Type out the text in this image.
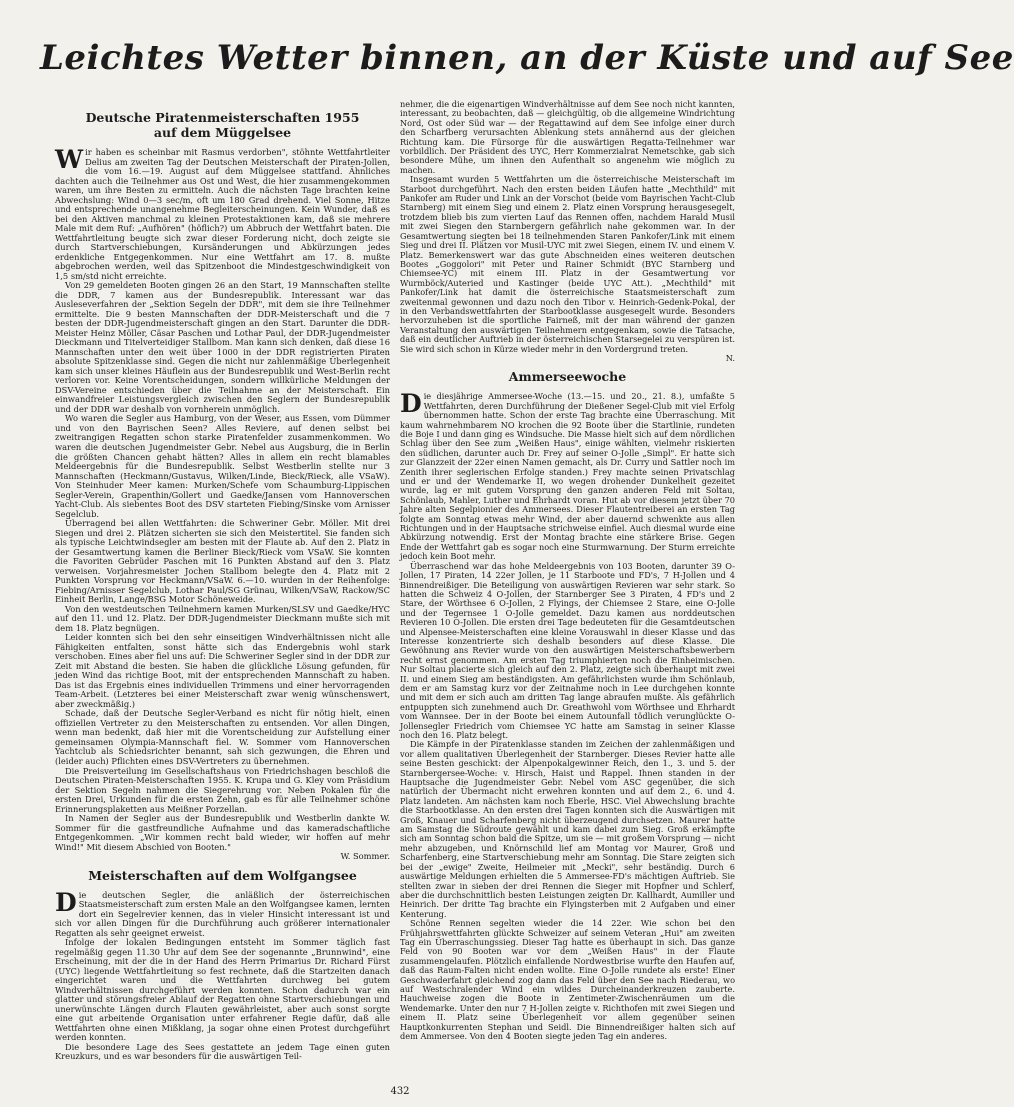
Leichtes Wetter binnen, an der Küste und auf See
Deutsche Piratenmeisterschaften 1955
auf dem Müggelsee

Wir haben es scheinbar mit Rasmus verdorben", stöhnte Wettfahrtleiter Delius am zweiten Tag der Deutschen Meisterschaft der Piraten-Jollen, die vom 16.—19. August auf dem Müggelsee stattfand. Ähnliches dachten auch die Teilnehmer aus Ost und West, die hier zusammengekommen waren, um ihre Besten zu ermitteln. Auch die nächsten Tage brachten keine Abwechslung: Wind 0—3 sec/m, oft um 180 Grad drehend. Viel Sonne, Hitze und entsprechende unangenehme Begleiterscheinungen. Kein Wunder, daß es bei den Aktiven manchmal zu kleinen Protestaktionen kam, daß sie mehrere Male mit dem Ruf: „Aufhören" (höflich?) um Abbruch der Wettfahrt baten. Die Wettfahrtleitung beugte sich zwar dieser Forderung nicht, doch zeigte sie durch Startverschiebungen, Kursänderungen und Abkürzungen jedes erdenkliche Entgegenkommen. Nur eine Wettfahrt am 17. 8. mußte abgebrochen werden, weil das Spitzenboot die Mindestgeschwindigkeit von 1,5 sm/std nicht erreichte.

Von 29 gemeldeten Booten gingen 26 an den Start, 19 Mannschaften stellte die DDR, 7 kamen aus der Bundesrepublik. Interessant war das Ausleseverfahren der „Sektion Segeln der DDR", mit dem sie ihre Teilnehmer ermittelte. Die 9 besten Mannschaften der DDR-Meisterschaft und die 7 besten der DDR-Jugendmeisterschaft gingen an den Start. Darunter die DDR-Meister Heinz Möller, Cäsar Paschen und Lothar Paul, der DDR-Jugendmeister Dieckmann und Titelverteidiger Stallbom. Man kann sich denken, daß diese 16 Mannschaften unter den weit über 1000 in der DDR registrierten Piraten absolute Spitzenklasse sind. Gegen die nicht nur zahlenmäßige Überlegenheit kam sich unser kleines Häuflein aus der Bundesrepublik und West-Berlin recht verloren vor. Keine Vorentscheidungen, sondern willkürliche Meldungen der DSV-Vereine entschieden über die Teilnahme an der Meisterschaft. Ein einwandfreier Leistungsvergleich zwischen den Seglern der Bundesrepublik und der DDR war deshalb von vornherein unmöglich.

Wo waren die Segler aus Hamburg, von der Weser, aus Essen, vom Dümmer und von den Bayrischen Seen? Alles Reviere, auf denen selbst bei zweitrangigen Regatten schon starke Piratenfelder zusammenkommen. Wo waren die deutschen Jugendmeister Gebr. Nebel aus Augsburg, die in Berlin die größten Chancen gehabt hätten? Alles in allem ein recht blamables Meldeergebnis für die Bundesrepublik. Selbst Westberlin stellte nur 3 Mannschaften (Heckmann/Gustavus, Wilken/Linde, Bieck/Rieck, alle VSaW). Von Steinhuder Meer kamen: Murken/Schefe vom Schaumburg-Lippischen Segler-Verein, Grapenthin/Gollert und Gaedke/Jansen vom Hannoverschen Yacht-Club. Als siebentes Boot des DSV starteten Fiebing/Sinske vom Arnisser Segelclub.

Überragend bei allen Wettfahrten: die Schweriner Gebr. Möller. Mit drei Siegen und drei 2. Plätzen sicherten sie sich den Meistertitel. Sie fanden sich als typische Leichtwindsegler am besten mit der Flaute ab. Auf den 2. Platz in der Gesamtwertung kamen die Berliner Bieck/Rieck vom VSaW. Sie konnten die Favoriten Gebrüder Paschen mit 16 Punkten Abstand auf den 3. Platz verweisen. Vorjahresmeister Jochen Stallbom belegte den 4. Platz mit 2 Punkten Vorsprung vor Heckmann/VSaW. 6.—10. wurden in der Reihenfolge: Fiebing/Arnisser Segelclub, Lothar Paul/SG Grünau, Wilken/VSaW, Rackow/SC Einheit Berlin, Lange/BSG Motor Schöneweide.

Von den westdeutschen Teilnehmern kamen Murken/SLSV und Gaedke/HYC auf den 11. und 12. Platz. Der DDR-Jugendmeister Dieckmann mußte sich mit dem 18. Platz begnügen.

Leider konnten sich bei den sehr einseitigen Windverhältnissen nicht alle Fähigkeiten entfalten, sonst hätte sich das Endergebnis wohl stark verschoben. Eines aber fiel uns auf: Die Schweriner Segler sind in der DDR zur Zeit mit Abstand die besten. Sie haben die glückliche Lösung gefunden, für jeden Wind das richtige Boot, mit der entsprechenden Mannschaft zu haben. Das ist das Ergebnis eines individuellen Trimmens und einer hervorragenden Team-Arbeit. (Letzteres bei einer Meisterschaft zwar wenig wünschenswert, aber zweckmäßig.)

Schade, daß der Deutsche Segler-Verband es nicht für nötig hielt, einen offiziellen Vertreter zu den Meisterschaften zu entsenden. Vor allen Dingen, wenn man bedenkt, daß hier mit die Vorentscheidung zur Aufstellung einer gemeinsamen Olympia-Mannschaft fiel. W. Sommer vom Hannoverschen Yachtclub als Schiedsrichter benannt, sah sich gezwungen, die Ehren und (leider auch) Pflichten eines DSV-Vertreters zu übernehmen.

Die Preisverteilung im Gesellschaftshaus von Friedrichshagen beschloß die Deutschen Piraten-Meisterschaften 1955. K. Krupa und G. Kley vom Präsidium der Sektion Segeln nahmen die Siegerehrung vor. Neben Pokalen für die ersten Drei, Urkunden für die ersten Zehn, gab es für alle Teilnehmer schöne Erinnerungsplaketten aus Meißner Porzellan.

In Namen der Segler aus der Bundesrepublik und Westberlin dankte W. Sommer für die gastfreundliche Aufnahme und das kameradschaftliche Entgegenkommen. „Wir kommen recht bald wieder, wir hoffen auf mehr Wind!" Mit diesem Abschied von Booten."

W. Sommer.

Meisterschaften auf dem Wolfgangsee

Die deutschen Segler, die anläßlich der österreichischen Staatsmeisterschaft zum ersten Male an den Wolfgangsee kamen, lernten dort ein Segelrevier kennen, das in vieler Hinsicht interessant ist und sich vor allen Dingen für die Durchführung auch größerer internationaler Regatten als sehr geeignet erweist.

Infolge der lokalen Bedingungen entsteht im Sommer täglich fast regelmäßig gegen 11.30 Uhr auf dem See der sogenannte „Brunnwind", eine Erscheinung, mit der die in der Hand des Herrn Primarius Dr. Richard Fürst (UYC) liegende Wettfahrtleitung so fest rechnete, daß die Startzeiten danach eingerichtet waren und die Wettfahrten durchweg bei gutem Windverhältnissen durchgeführt werden konnten. Schon dadurch war ein glatter und störungsfreier Ablauf der Regatten ohne Startverschiebungen und unerwünschte Längen durch Flauten gewährleistet, aber auch sonst sorgte eine gut arbeitende Organisation unter erfahrener Regie dafür, daß alle Wettfahrten ohne einen Mißklang, ja sogar ohne einen Protest durchgeführt werden konnten.

Die besondere Lage des Sees gestattete an jedem Tage einen guten Kreuzkurs, und es war besonders für die auswärtigen Teil-

nehmer, die die eigenartigen Windverhältnisse auf dem See noch nicht kannten, interessant, zu beobachten, daß — gleichgültig, ob die allgemeine Windrichtung Nord, Ost oder Süd war — der Regattawind auf dem See infolge einer durch den Scharfberg verursachten Ablenkung stets annähernd aus der gleichen Richtung kam. Die Fürsorge für die auswärtigen Regatta-Teilnehmer war vorbildlich. Der Präsident des UYC, Herr Kommerzialrat Nemetschke, gab sich besondere Mühe, um ihnen den Aufenthalt so angenehm wie möglich zu machen.

Insgesamt wurden 5 Wettfahrten um die österreichische Meisterschaft im Starboot durchgeführt. Nach den ersten beiden Läufen hatte „Mechthild" mit Pankofer am Ruder und Link an der Vorschot (beide vom Bayrischen Yacht-Club Starnberg) mit einem Sieg und einem 2. Platz einen Vorsprung herausgesegelt, trotzdem blieb bis zum vierten Lauf das Rennen offen, nachdem Harald Musil mit zwei Siegen den Starnbergern gefährlich nahe gekommen war. In der Gesamtwertung siegten bei 18 teilnehmenden Staren Pankofer/Link mit einem Sieg und drei II. Plätzen vor Musil-UYC mit zwei Siegen, einem IV. und einem V. Platz. Bemerkenswert war das gute Abschneiden eines weiteren deutschen Bootes „Goggolori" mit Peter und Rainer Schmidt (BYC Starnberg und Chiemsee-YC) mit einem III. Platz in der Gesamtwertung vor Wurmböck/Auteried und Kastinger (beide UYC Att.). „Mechthild" mit Pankofer/Link hat damit die österreichische Staatsmeisterschaft zum zweitenmal gewonnen und dazu noch den Tibor v. Heinrich-Gedenk-Pokal, der in den Verbandswettfahrten der Starbootklasse ausgesegelt wurde. Besonders hervorzuheben ist die sportliche Fairneß, mit der man während der ganzen Veranstaltung den auswärtigen Teilnehmern entgegenkam, sowie die Tatsache, daß ein deutlicher Auftrieb in der österreichischen Starsegelei zu verspüren ist. Sie wird sich schon in Kürze wieder mehr in den Vordergrund treten.

N.

Ammerseewoche

Die diesjährige Ammersee-Woche (13.—15. und 20., 21. 8.), umfaßte 5 Wettfahrten, deren Durchführung der Dießener Segel-Club mit viel Erfolg übernommen hatte. Schon der erste Tag brachte eine Überraschung. Mit kaum wahrnehmbarem NO krochen die 92 Boote über die Startlinie, rundeten die Boje I und dann ging es Windsuche. Die Masse hielt sich auf dem nördlichen Schlag über den See zum „Weißen Haus", einige wählten, vielmehr riskierten den südlichen, darunter auch Dr. Frey auf seiner O-Jolle „Simpl". Er hatte sich zur Glanzzeit der 22er einen Namen gemacht, als Dr. Curry und Sattler noch im Zenith ihrer seglerischen Erfolge standen.) Frey machte seinen Privatschlag und er und der Wendemarke II, wo wegen drohender Dunkelheit gezeitet wurde, lag er mit gutem Vorsprung den ganzen anderen Feld mit Soltau, Schönlaub, Mahler, Luther und Ehrhardt voran. Hut ab vor diesem jetzt über 70 Jahre alten Segelpionier des Ammersees. Dieser Flautentreiberei an ersten Tag folgte am Sonntag etwas mehr Wind, der aber dauernd schwenkte aus allen Richtungen und in der Hauptsache strichweise einfiel. Auch diesmal wurde eine Abkürzung notwendig. Erst der Montag brachte eine stärkere Brise. Gegen Ende der Wettfahrt gab es sogar noch eine Sturmwarnung. Der Sturm erreichte jedoch kein Boot mehr.

Überraschend war das hohe Meldeergebnis von 103 Booten, darunter 39 O-Jollen, 17 Piraten, 14 22er Jollen, je 11 Starboote und FD's, 7 H-Jollen und 4 Binnendreißiger. Die Beteiligung von auswärtigen Revieren war sehr stark. So hatten die Schweiz 4 O-Jollen, der Starnberger See 3 Piraten, 4 FD's und 2 Stare, der Wörthsee 6 O-Jollen, 2 Flyings, der Chiemsee 2 Stare, eine O-Jolle und der Tegernsee 1 O-Jolle gemeldet. Dazu kamen aus norddeutschen Revieren 10 O-Jollen. Die ersten drei Tage bedeuteten für die Gesamtdeutschen und Alpensee-Meisterschaften eine kleine Vorauswahl in dieser Klasse und das Interesse konzentrierte sich deshalb besonders auf diese Klasse. Die Gewöhnung ans Revier wurde von den auswärtigen Meisterschaftsbewerbern recht ernst genommen. Am ersten Tag triumphierten noch die Einheimischen. Nur Soltau placierte sich gleich auf den 2. Platz, zeigte sich überhaupt mit zwei II. und einem Sieg am beständigsten. Am gefährlichsten wurde ihm Schönlaub, dem er am Samstag kurz vor der Zeitnahme noch in Lee durchgehen konnte und mit dem er sich auch am dritten Tag lange abraufen mußte. Als gefährlich entpuppten sich zunehmend auch Dr. Greathwohl vom Wörthsee und Ehrhardt vom Wannsee. Der in der Boote bei einem Autounfall tödlich verunglückte O-Jollensegler Friedrich vom Chiemsee YC hatte am Samstag in seiner Klasse noch den 16. Platz belegt.

Die Kämpfe in der Piratenklasse standen im Zeichen der zahlenmäßigen und vor allem qualitativen Überlegenheit der Starnberger. Dieses Revier hatte alle seine Besten geschickt: der Alpenpokalgewinner Reich, den 1., 3. und 5. der Starnbergersee-Woche: v. Hirsch, Haist und Rappel. Ihnen standen in der Hauptsache die Jugendmeister Gebr. Nebel vom ASC gegenüber, die sich natürlich der Übermacht nicht erwehren konnten und auf dem 2., 6. und 4. Platz landeten. Am nächsten kam noch Eberle, HSC. Viel Abwechslung brachte die Starbootklasse. An den ersten drei Tagen konnten sich die Auswärtigen mit Groß, Knauer und Scharfenberg nicht überzeugend durchsetzen. Maurer hatte am Samstag die Südroute gewählt und kam dabei zum Sieg. Groß erkämpfte sich am Sonntag schon bald die Spitze, um sie — mit großem Vorsprung — nicht mehr abzugeben, und Knörnschild lief am Montag vor Maurer, Groß und Scharfenberg, eine Startverschiebung mehr am Sonntag. Die Stare zeigten sich bei der „ewige" Zweite, Heilmeier mit „Mecki", sehr beständig. Durch 6 auswärtige Meldungen erhielten die 5 Ammersee-FD's mächtigen Auftrieb. Sie stellten zwar in sieben der drei Rennen die Sieger mit Hopfner und Schlerf, aber die durchschnittlich besten Leistungen zeigten Dr. Kallhardt, Aumiller und Heinrich. Der dritte Tag brachte ein Flyingsterben mit 2 Aufgaben und einer Kenterung.

Schöne Rennen segelten wieder die 14 22er. Wie schon bei den Frühjahrswettfahrten glückte Schweizer auf seinem Veteran „Hui" am zweiten Tag ein Überraschungssieg. Dieser Tag hatte es überhaupt in sich. Das ganze Feld von 90 Booten war vor dem „Weißen Haus" in der Flaute zusammengelaufen. Plötzlich einfallende Nordwestbrise wurfte den Haufen auf, daß das Raum-Falten nicht enden wollte. Eine O-Jolle rundete als erste! Einer Geschwaderfahrt gleichend zog dann das Feld über den See nach Riederau, wo auf Westschralender Wind ein wildes Durcheinanderkreuzen zauberte. Hauchweise zogen die Boote in Zentimeter-Zwischenräumen um die Wendemarke. Unter den nur 7 H-Jollen zeigte v. Richthofen mit zwei Siegen und einem II. Platz seine Überlegenheit vor allem gegenüber seinen Hauptkonkurrenten Stephan und Seidl. Die Binnendreißiger halten sich auf dem Ammersee. Von den 4 Booten siegte jeden Tag ein anderes.

432
